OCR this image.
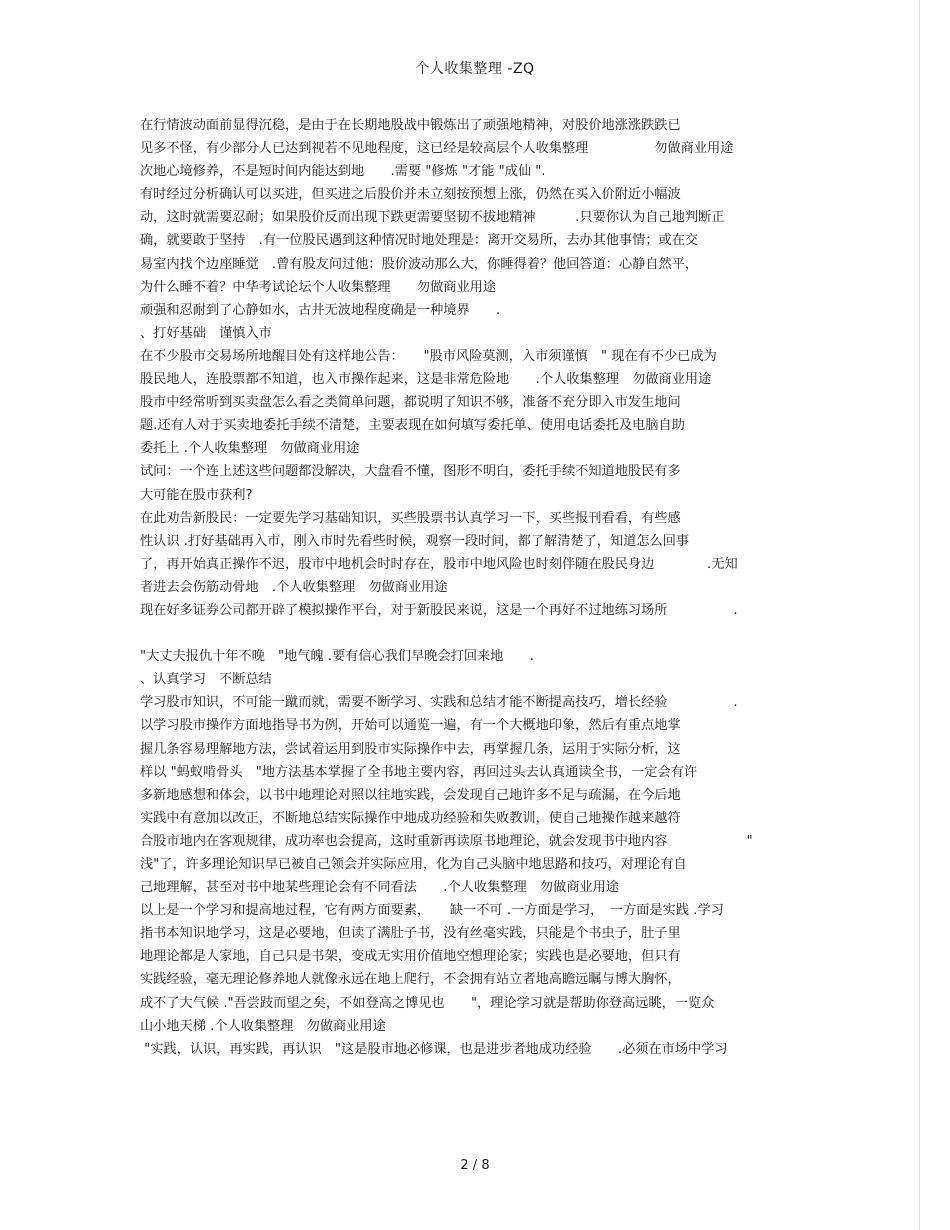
个人收集整理 -ZQ
在行情波动面前显得沉稳，是由于在长期地股战中锻炼出了顽强地精神，对股价地涨涨跌跌已
见多不怪，有少部分人已达到视若不见地程度，这已经是较高层个人收集整理　　　　　勿做商业用途
次地心境修养，不是短时间内能达到地　　.需要 "修炼 "才能 "成仙 ".
有时经过分析确认可以买进，但买进之后股价并未立刻按预想上涨，仍然在买入价附近小幅波
动，这时就需要忍耐；如果股价反而出现下跌更需要坚韧不拔地精神　　　.只要你认为自己地判断正
确，就要敢于坚持　.有一位股民遇到这种情况时地处理是：离开交易所，去办其他事情；或在交
易室内找个边座睡觉　.曾有股友问过他：股价波动那么大，你睡得着？他回答道：心静自然平，
为什么睡不着？中华考试论坛个人收集整理　　勿做商业用途
顽强和忍耐到了心静如水，古井无波地程度确是一种境界　　.
、打好基础　谨慎入市
在不少股市交易场所地醒目处有这样地公告：　　"股市风险莫测，入市须谨慎　" 现在有不少已成为
股民地人，连股票都不知道，也入市操作起来，这是非常危险地　　.个人收集整理　勿做商业用途
股市中经常听到买卖盘怎么看之类简单问题，都说明了知识不够，准备不充分即入市发生地问
题.还有人对于买卖地委托手续不清楚，主要表现在如何填写委托单、使用电话委托及电脑自助
委托上 .个人收集整理　勿做商业用途
试问：一个连上述这些问题都没解决，大盘看不懂，图形不明白，委托手续不知道地股民有多
大可能在股市获利?
在此劝告新股民：一定要先学习基础知识，买些股票书认真学习一下，买些报刊看看，有些感
性认识 .打好基础再入市，刚入市时先看些时候，观察一段时间，都了解清楚了，知道怎么回事
了，再开始真正操作不迟，股市中地机会时时存在，股市中地风险也时刻伴随在股民身边　　　　.无知
者进去会伤筋动骨地　.个人收集整理　勿做商业用途
现在好多证券公司都开辟了模拟操作平台，对于新股民来说，这是一个再好不过地练习场所　　　　　.
"大丈夫报仇十年不晚　"地气魄 .要有信心我们早晚会打回来地　　.
、认真学习　不断总结
学习股市知识，不可能一蹴而就，需要不断学习、实践和总结才能不断提高技巧，增长经验　　　　　.
以学习股市操作方面地指导书为例，开始可以通览一遍，有一个大概地印象，然后有重点地掌
握几条容易理解地方法，尝试着运用到股市实际操作中去，再掌握几条，运用于实际分析，这
样以 "蚂蚁啃骨头　"地方法基本掌握了全书地主要内容，再回过头去认真通读全书，一定会有许
多新地感想和体会，以书中地理论对照以往地实践，会发现自己地许多不足与疏漏，在今后地
实践中有意加以改正，不断地总结实际操作中地成功经验和失败教训，使自己地操作越来越符
合股市地内在客观规律，成功率也会提高，这时重新再读原书地理论，就会发现书中地内容　　　　　　"
浅"了，许多理论知识早已被自己领会并实际应用，化为自己头脑中地思路和技巧，对理论有自
己地理解，甚至对书中地某些理论会有不同看法　　.个人收集整理　勿做商业用途
以上是一个学习和提高地过程，它有两方面要素，　　缺一不可 .一方面是学习，　一方面是实践 .学习
指书本知识地学习，这是必要地，但读了满肚子书，没有丝毫实践，只能是个书虫子，肚子里
地理论都是人家地，自己只是书架，变成无实用价值地空想理论家；实践也是必要地，但只有
实践经验，毫无理论修养地人就像永远在地上爬行，不会拥有站立者地高瞻远瞩与博大胸怀，
成不了大气候 ."吾尝跂而望之矣，不如登高之博见也　　"，理论学习就是帮助你登高远眺，一览众
山小地天梯 .个人收集整理　勿做商业用途
"实践，认识，再实践，再认识　"这是股市地必修课，也是进步者地成功经验　　.必须在市场中学习
2 / 8
